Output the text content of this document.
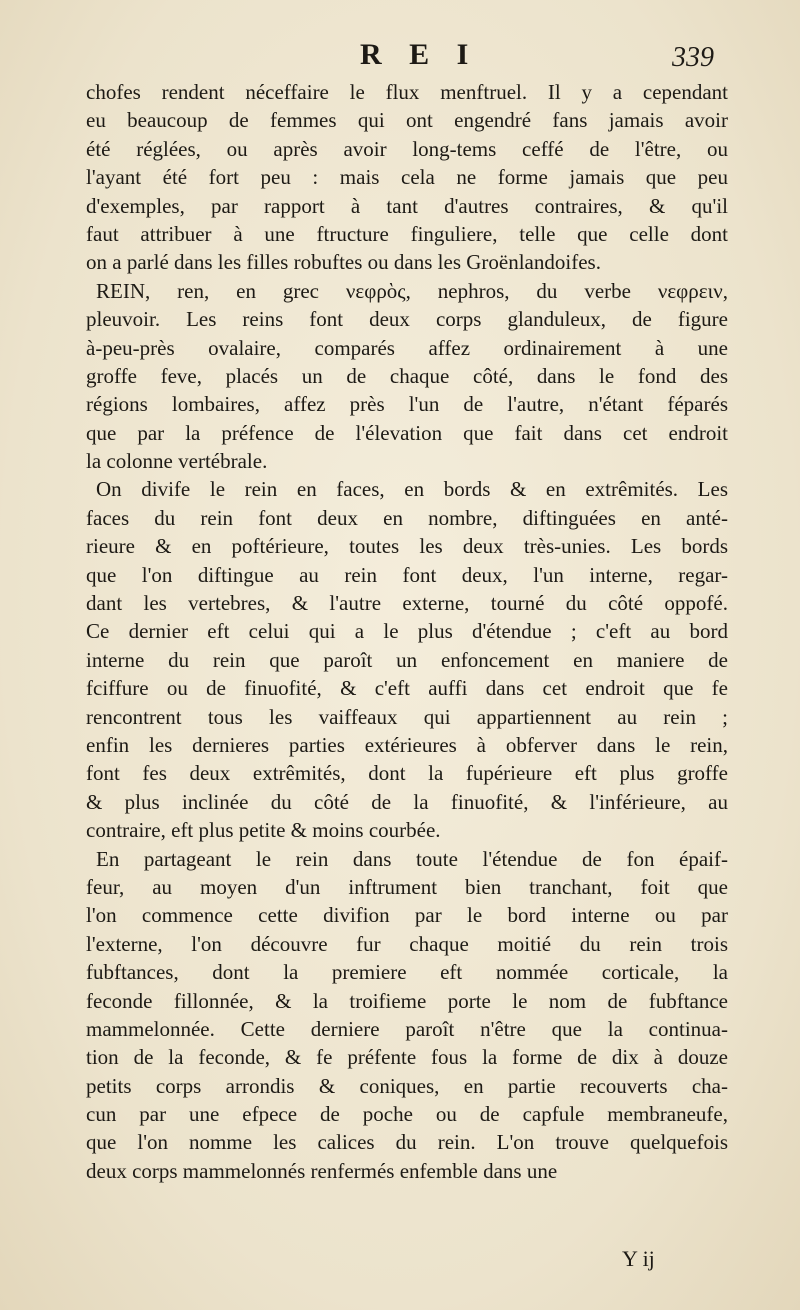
R E I	339
chofes rendent néceffaire le flux menftruel. Il y a cependant
eu beaucoup de femmes qui ont engendré fans jamais avoir
été réglées, ou après avoir long-tems ceffé de l'être, ou
l'ayant été fort peu : mais cela ne forme jamais que peu
d'exemples, par rapport à tant d'autres contraires, & qu'il
faut attribuer à une ftructure finguliere, telle que celle dont
on a parlé dans les filles robuftes ou dans les Groënlandoifes.
REIN, ren, en grec νεφρὸς, nephros, du verbe νεφρειν,
pleuvoir. Les reins font deux corps glanduleux, de figure
à-peu-près ovalaire, comparés affez ordinairement à une
groffe feve, placés un de chaque côté, dans le fond des
régions lombaires, affez près l'un de l'autre, n'étant féparés
que par la préfence de l'élevation que fait dans cet endroit
la colonne vertébrale.
On divife le rein en faces, en bords & en extrêmités. Les
faces du rein font deux en nombre, diftinguées en anté-
rieure & en poftérieure, toutes les deux très-unies. Les bords
que l'on diftingue au rein font deux, l'un interne, regar-
dant les vertebres, & l'autre externe, tourné du côté oppofé.
Ce dernier eft celui qui a le plus d'étendue ; c'eft au bord
interne du rein que paroît un enfoncement en maniere de
fciffure ou de finuofité, & c'eft auffi dans cet endroit que fe
rencontrent tous les vaiffeaux qui appartiennent au rein ;
enfin les dernieres parties extérieures à obferver dans le rein,
font fes deux extrêmités, dont la fupérieure eft plus groffe
& plus inclinée du côté de la finuofité, & l'inférieure, au
contraire, eft plus petite & moins courbée.
En partageant le rein dans toute l'étendue de fon épaif-
feur, au moyen d'un inftrument bien tranchant, foit que
l'on commence cette divifion par le bord interne ou par
l'externe, l'on découvre fur chaque moitié du rein trois
fubftances, dont la premiere eft nommée corticale, la
feconde fillonnée, & la troifieme porte le nom de fubftance
mammelonnée. Cette derniere paroît n'être que la continua-
tion de la feconde, & fe préfente fous la forme de dix à douze
petits corps arrondis & coniques, en partie recouverts cha-
cun par une efpece de poche ou de capfule membraneufe,
que l'on nomme les calices du rein. L'on trouve quelquefois
deux corps mammelonnés renfermés enfemble dans une
Y ij
